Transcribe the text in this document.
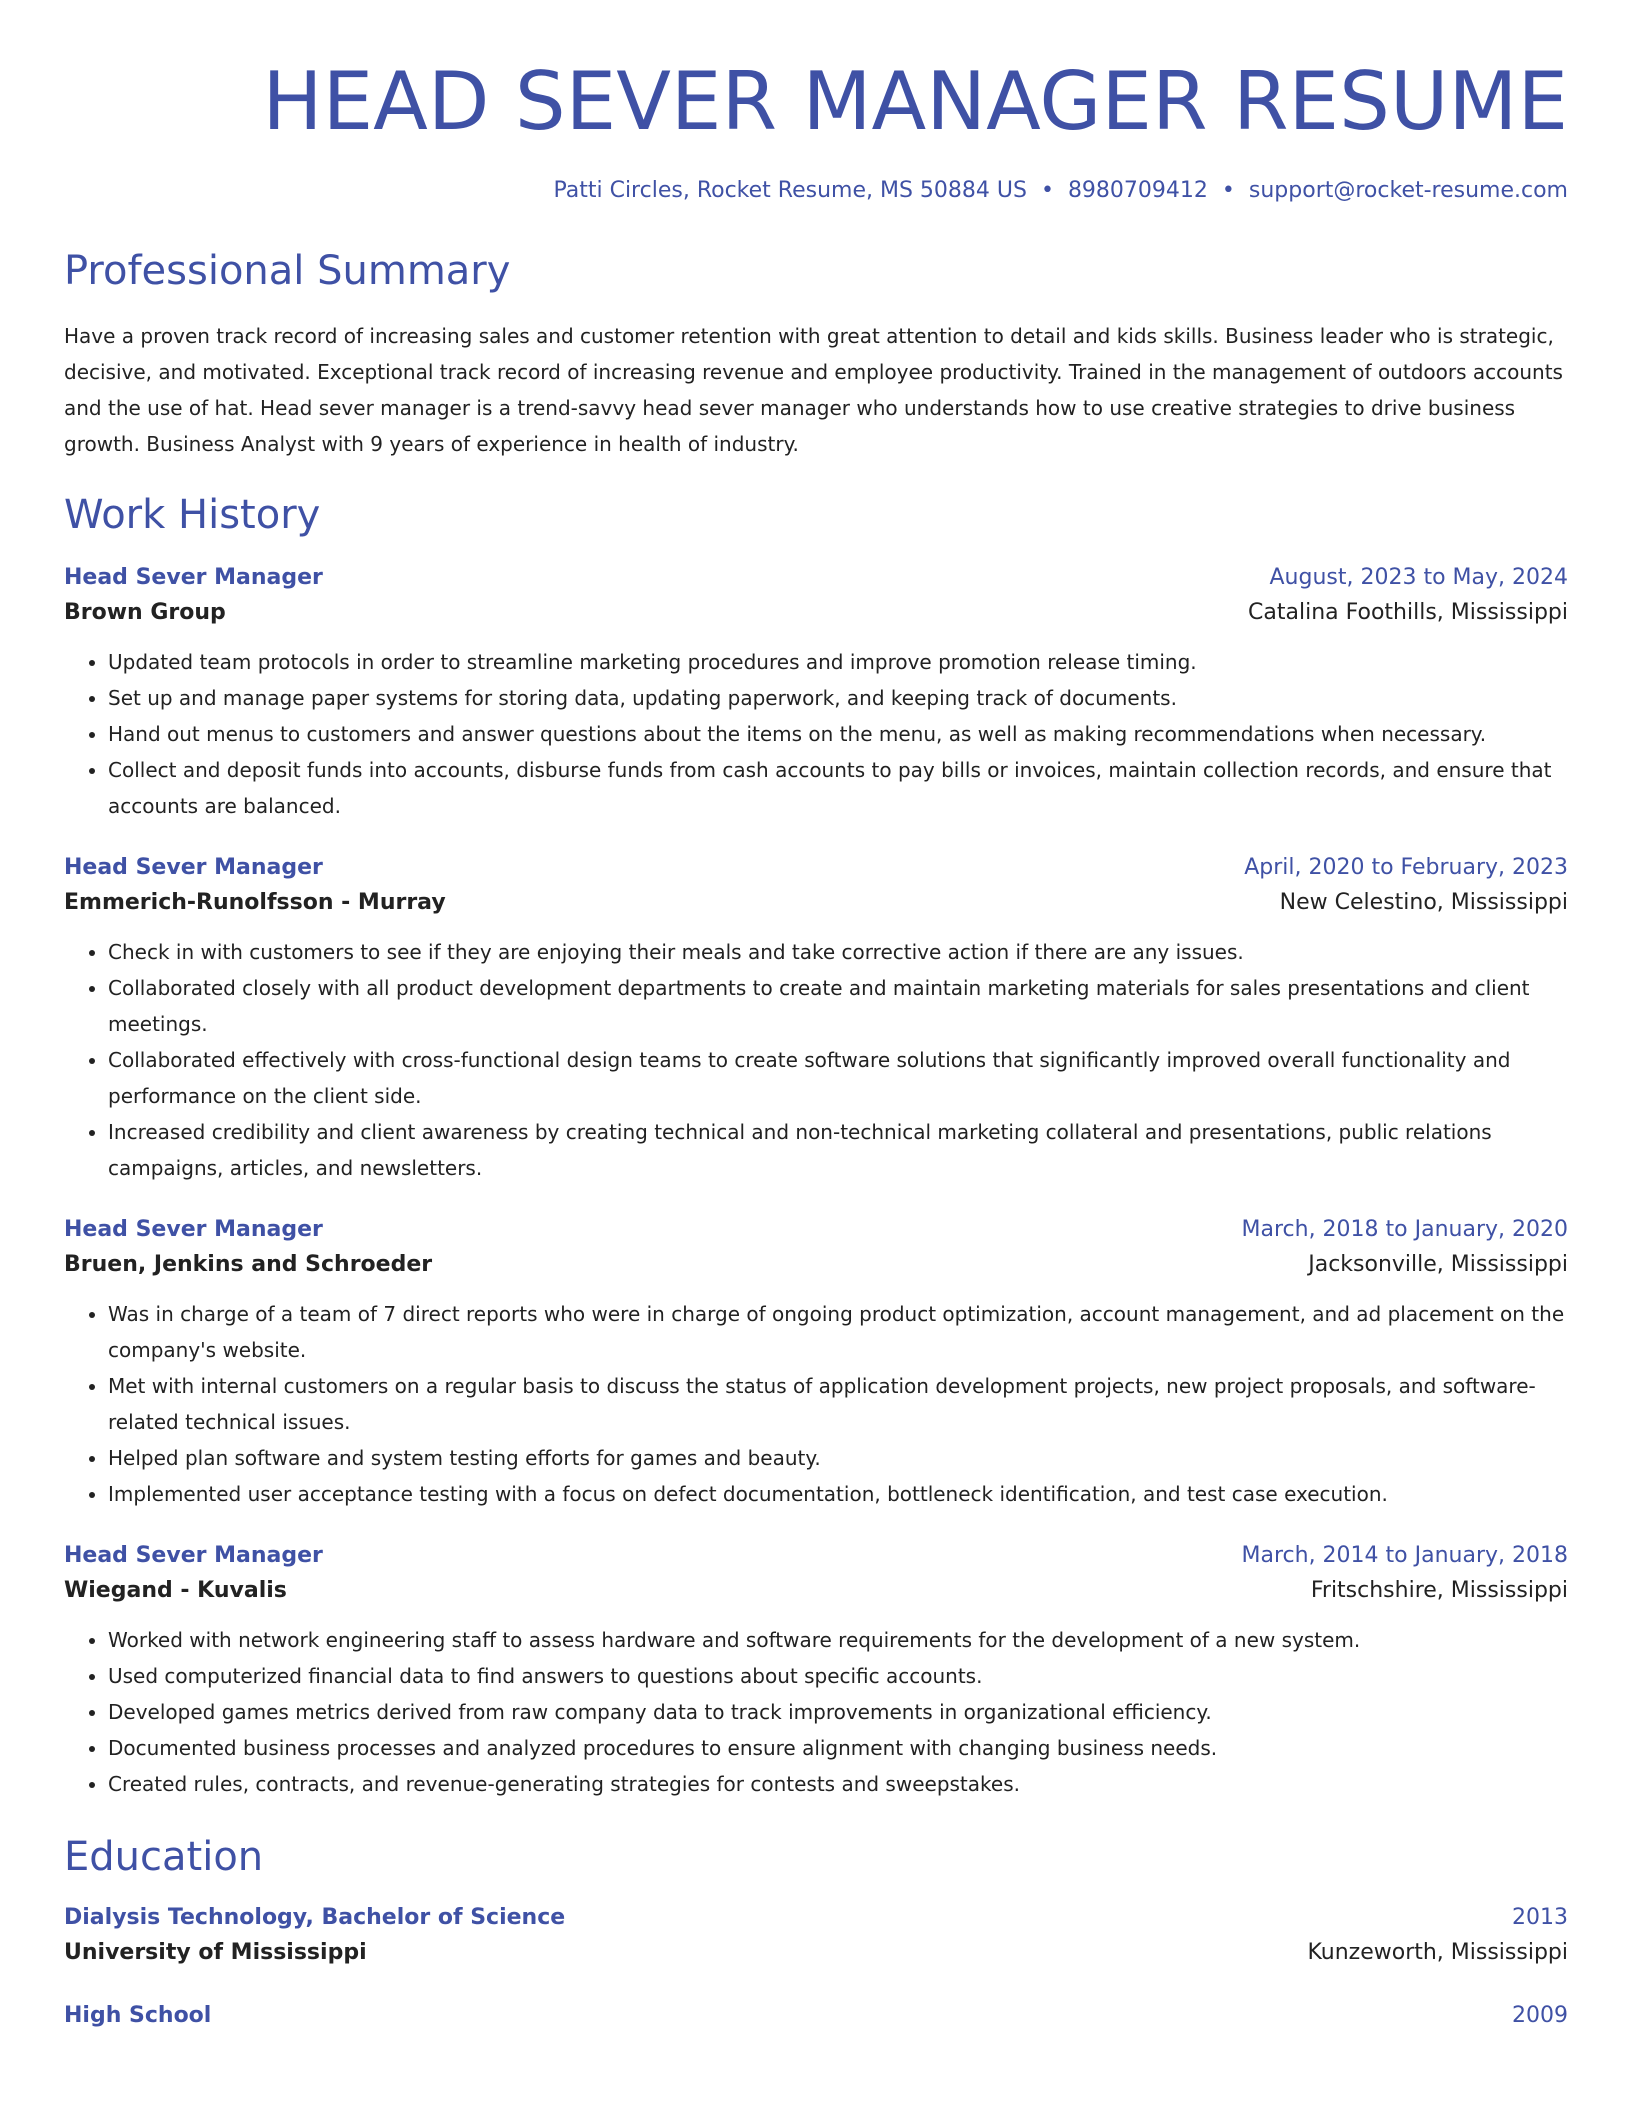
HEAD SEVER MANAGER RESUME
Patti Circles, Rocket Resume, MS 50884 US • 8980709412 • support@rocket-resume.com
Professional Summary
Have a proven track record of increasing sales and customer retention with great attention to detail and kids skills. Business leader who is strategic, decisive, and motivated. Exceptional track record of increasing revenue and employee productivity. Trained in the management of outdoors accounts and the use of hat. Head sever manager is a trend-savvy head sever manager who understands how to use creative strategies to drive business growth. Business Analyst with 9 years of experience in health of industry.
Work History
Head Sever Manager	August, 2023 to May, 2024
Brown Group	Catalina Foothills, Mississippi
• Updated team protocols in order to streamline marketing procedures and improve promotion release timing.
• Set up and manage paper systems for storing data, updating paperwork, and keeping track of documents.
• Hand out menus to customers and answer questions about the items on the menu, as well as making recommendations when necessary.
• Collect and deposit funds into accounts, disburse funds from cash accounts to pay bills or invoices, maintain collection records, and ensure that accounts are balanced.
Head Sever Manager	April, 2020 to February, 2023
Emmerich-Runolfsson - Murray	New Celestino, Mississippi
• Check in with customers to see if they are enjoying their meals and take corrective action if there are any issues.
• Collaborated closely with all product development departments to create and maintain marketing materials for sales presentations and client meetings.
• Collaborated effectively with cross-functional design teams to create software solutions that significantly improved overall functionality and performance on the client side.
• Increased credibility and client awareness by creating technical and non-technical marketing collateral and presentations, public relations campaigns, articles, and newsletters.
Head Sever Manager	March, 2018 to January, 2020
Bruen, Jenkins and Schroeder	Jacksonville, Mississippi
• Was in charge of a team of 7 direct reports who were in charge of ongoing product optimization, account management, and ad placement on the company's website.
• Met with internal customers on a regular basis to discuss the status of application development projects, new project proposals, and software-related technical issues.
• Helped plan software and system testing efforts for games and beauty.
• Implemented user acceptance testing with a focus on defect documentation, bottleneck identification, and test case execution.
Head Sever Manager	March, 2014 to January, 2018
Wiegand - Kuvalis	Fritschshire, Mississippi
• Worked with network engineering staff to assess hardware and software requirements for the development of a new system.
• Used computerized financial data to find answers to questions about specific accounts.
• Developed games metrics derived from raw company data to track improvements in organizational efficiency.
• Documented business processes and analyzed procedures to ensure alignment with changing business needs.
• Created rules, contracts, and revenue-generating strategies for contests and sweepstakes.
Education
Dialysis Technology, Bachelor of Science	2013
University of Mississippi	Kunzeworth, Mississippi
High School	2009
